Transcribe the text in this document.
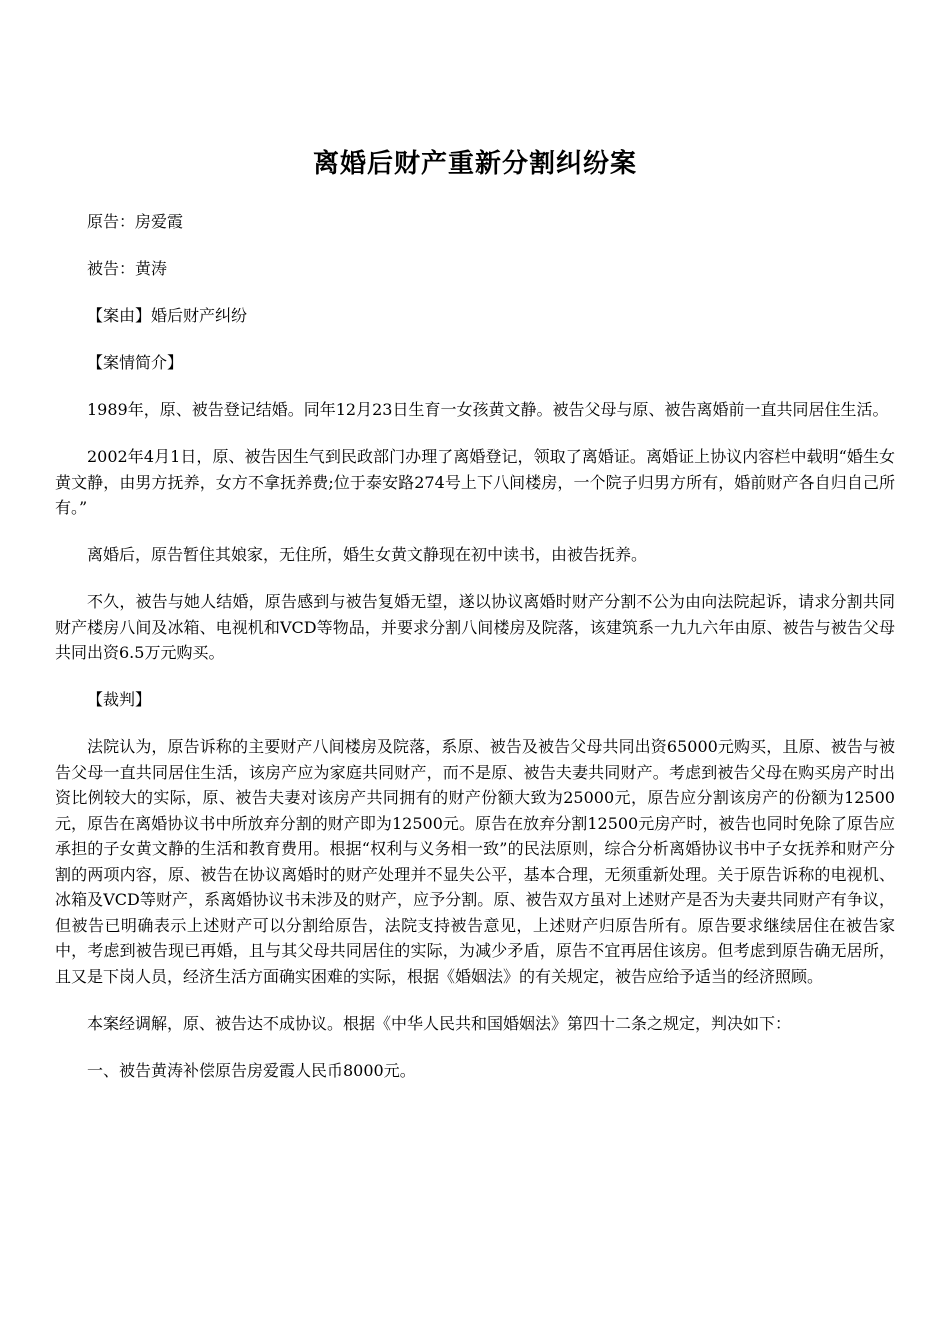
离婚后财产重新分割纠纷案

原告：房爱霞

被告：黄涛

【案由】婚后财产纠纷

【案情简介】

1989年，原、被告登记结婚。同年12月23日生育一女孩黄文静。被告父母与原、被告离婚前一直共同居住生活。

2002年4月1日，原、被告因生气到民政部门办理了离婚登记，领取了离婚证。离婚证上协议内容栏中载明“婚生女黄文静，由男方抚养，女方不拿抚养费;位于泰安路274号上下八间楼房，一个院子归男方所有，婚前财产各自归自己所有。”

离婚后，原告暂住其娘家，无住所，婚生女黄文静现在初中读书，由被告抚养。

不久，被告与她人结婚，原告感到与被告复婚无望，遂以协议离婚时财产分割不公为由向法院起诉，请求分割共同财产楼房八间及冰箱、电视机和VCD等物品，并要求分割八间楼房及院落，该建筑系一九九六年由原、被告与被告父母共同出资6.5万元购买。

【裁判】

法院认为，原告诉称的主要财产八间楼房及院落，系原、被告及被告父母共同出资65000元购买，且原、被告与被告父母一直共同居住生活，该房产应为家庭共同财产，而不是原、被告夫妻共同财产。考虑到被告父母在购买房产时出资比例较大的实际，原、被告夫妻对该房产共同拥有的财产份额大致为25000元，原告应分割该房产的份额为12500元，原告在离婚协议书中所放弃分割的财产即为12500元。原告在放弃分割12500元房产时，被告也同时免除了原告应承担的子女黄文静的生活和教育费用。根据“权利与义务相一致”的民法原则，综合分析离婚协议书中子女抚养和财产分割的两项内容，原、被告在协议离婚时的财产处理并不显失公平，基本合理，无须重新处理。关于原告诉称的电视机、冰箱及VCD等财产，系离婚协议书未涉及的财产，应予分割。原、被告双方虽对上述财产是否为夫妻共同财产有争议，但被告已明确表示上述财产可以分割给原告，法院支持被告意见，上述财产归原告所有。原告要求继续居住在被告家中，考虑到被告现已再婚，且与其父母共同居住的实际，为减少矛盾，原告不宜再居住该房。但考虑到原告确无居所，且又是下岗人员，经济生活方面确实困难的实际，根据《婚姻法》的有关规定，被告应给予适当的经济照顾。

本案经调解，原、被告达不成协议。根据《中华人民共和国婚姻法》第四十二条之规定，判决如下：

一、被告黄涛补偿原告房爱霞人民币8000元。
